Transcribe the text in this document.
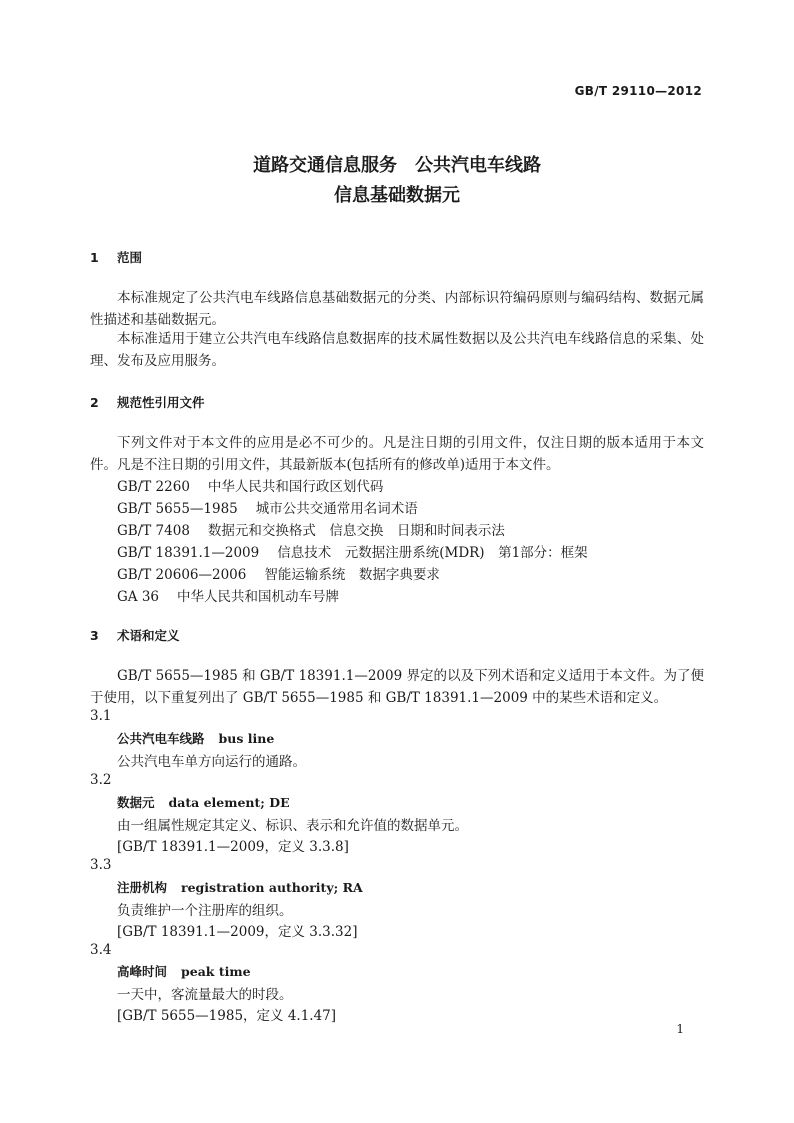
GB/T 29110—2012
道路交通信息服务　公共汽电车线路
信息基础数据元
1 范围
本标准规定了公共汽电车线路信息基础数据元的分类、内部标识符编码原则与编码结构、数据元属性描述和基础数据元。
本标准适用于建立公共汽电车线路信息数据库的技术属性数据以及公共汽电车线路信息的采集、处理、发布及应用服务。
2 规范性引用文件
下列文件对于本文件的应用是必不可少的。凡是注日期的引用文件，仅注日期的版本适用于本文件。凡是不注日期的引用文件，其最新版本(包括所有的修改单)适用于本文件。
GB/T 2260 中华人民共和国行政区划代码
GB/T 5655—1985 城市公共交通常用名词术语
GB/T 7408 数据元和交换格式　信息交换　日期和时间表示法
GB/T 18391.1—2009 信息技术　元数据注册系统(MDR)　第1部分：框架
GB/T 20606—2006 智能运输系统　数据字典要求
GA 36 中华人民共和国机动车号牌
3 术语和定义
GB/T 5655—1985 和 GB/T 18391.1—2009 界定的以及下列术语和定义适用于本文件。为了便于使用，以下重复列出了 GB/T 5655—1985 和 GB/T 18391.1—2009 中的某些术语和定义。
3.1
公共汽电车线路 bus line
公共汽电车单方向运行的通路。
3.2
数据元 data element; DE
由一组属性规定其定义、标识、表示和允许值的数据单元。
[GB/T 18391.1—2009，定义 3.3.8]
3.3
注册机构 registration authority; RA
负责维护一个注册库的组织。
[GB/T 18391.1—2009，定义 3.3.32]
3.4
高峰时间 peak time
一天中，客流量最大的时段。
[GB/T 5655—1985，定义 4.1.47]
1
